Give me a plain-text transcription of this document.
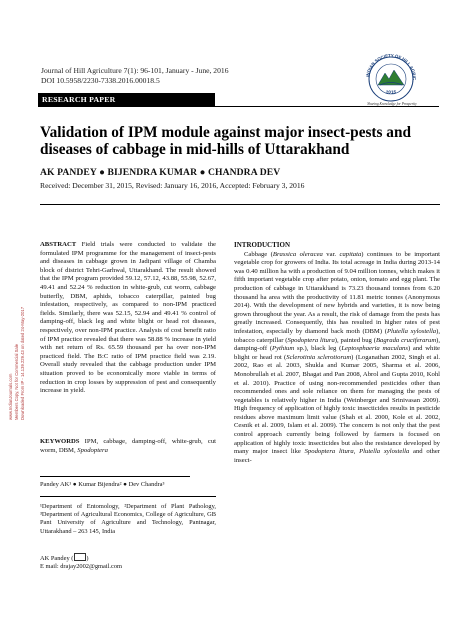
www.IndianJournals.com Members Copy, Not for Commercial Sale Downloaded From IP - 14.139.229.43 on dated 24-May-2017
Journal of Hill Agriculture 7(1): 96-101, January - June, 2016
DOI 10.5958/2230-7338.2016.00018.5
RESEARCH PAPER
INDIAN SOCIETY OF HILL AGRIC
2015
Sharing Knowledge for Prosperity
Validation of IPM module against major insect-pests and diseases of cabbage in mid-hills of Uttarakhand
AK PANDEY ● BIJENDRA KUMAR ● CHANDRA DEV
Received: December 31, 2015, Revised: January 16, 2016, Accepted: February 3, 2016

ABSTRACT Field trials were conducted to validate the formulated IPM programme for the management of insect-pests and diseases in cabbage grown in Jadipani village of Chamba block of district Tehri-Garhwal, Uttarakhand. The result showed that the IPM program provided 59.12, 57.12, 43.88, 55.98, 52.67, 49.41 and 52.24 % reduction in white-grub, cut worm, cabbage butterfly, DBM, aphids, tobacco caterpillar, painted bug infestation, respectively, as compared to non-IPM practiced fields. Similarly, there was 52.15, 52.94 and 49.41 % control of damping-off, black leg and white blight or head rot diseases, respectively, over non-IPM practice. Analysis of cost benefit ratio of IPM practice revealed that there was 58.88 % increase in yield with net return of Rs. 65.59 thousand per ha over non-IPM practiced field. The B:C ratio of IPM practice field was 2.19. Overall study revealed that the cabbage production under IPM situation proved to be economically more viable in terms of reduction in crop losses by suppression of pest and consequently increase in yield.

KEYWORDS IPM, cabbage, damping-off, white-grub, cut worm, DBM, Spodoptera
Pandey AK¹ ● Kumar Bijendra² ● Dev Chandra³
¹Department of Entomology, ²Department of Plant Pathology, ³Department of Agricultural Economics, College of Agriculture, GB Pant University of Agriculture and Technology, Pantnagar, Uttarakhand – 263 145, India
AK Pandey ( )
E mail: drajay2002@gmail.com

INTRODUCTION

Cabbage (Brassica oleracea var. capitata) continues to be important vegetable crop for growers of India. Its total acreage in India during 2013-14 was 0.40 million ha with a production of 9.04 million tonnes, which makes it fifth important vegetable crop after potato, onion, tomato and egg plant. The production of cabbage in Uttarakhand is 73.23 thousand tonnes from 6.20 thousand ha area with the productivity of 11.81 metric tonnes (Anonymous 2014). With the development of new hybrids and varieties, it is now being grown throughout the year. As a result, the risk of damage from the pests has greatly increased. Consequently, this has resulted in higher rates of pest infestation, especially by diamond back moth (DBM) (Plutella xylostella), tobacco caterpillar (Spodoptera litura), painted bug (Bagrada cruciferarum), damping-off (Pythium sp.), black leg (Leptosphaeria maculans) and white blight or head rot (Sclerotinia sclerotiorum) (Loganathan 2002, Singh et al. 2002, Rao et al. 2003, Shukla and Kumar 2005, Sharma et al. 2006, Monobrullah et al. 2007, Bhagat and Pan 2008, Abrol and Gupta 2010, Kohl et al. 2010). Practice of using non-recommended pesticides other than recommended ones and sole reliance on them for managing the pests of vegetables is relatively higher in India (Weinberger and Srinivasan 2009). High frequency of application of highly toxic insecticides results in pesticide residues above maximum limit value (Shah et al. 2000, Kole et al. 2002, Cesnik et al. 2009, Islam et al. 2009). The concern is not only that the pest control approach currently being followed by farmers is focused on application of highly toxic insecticides but also the resistance developed by many major insect like Spodoptera litura, Plutella xylostella and other insect-
